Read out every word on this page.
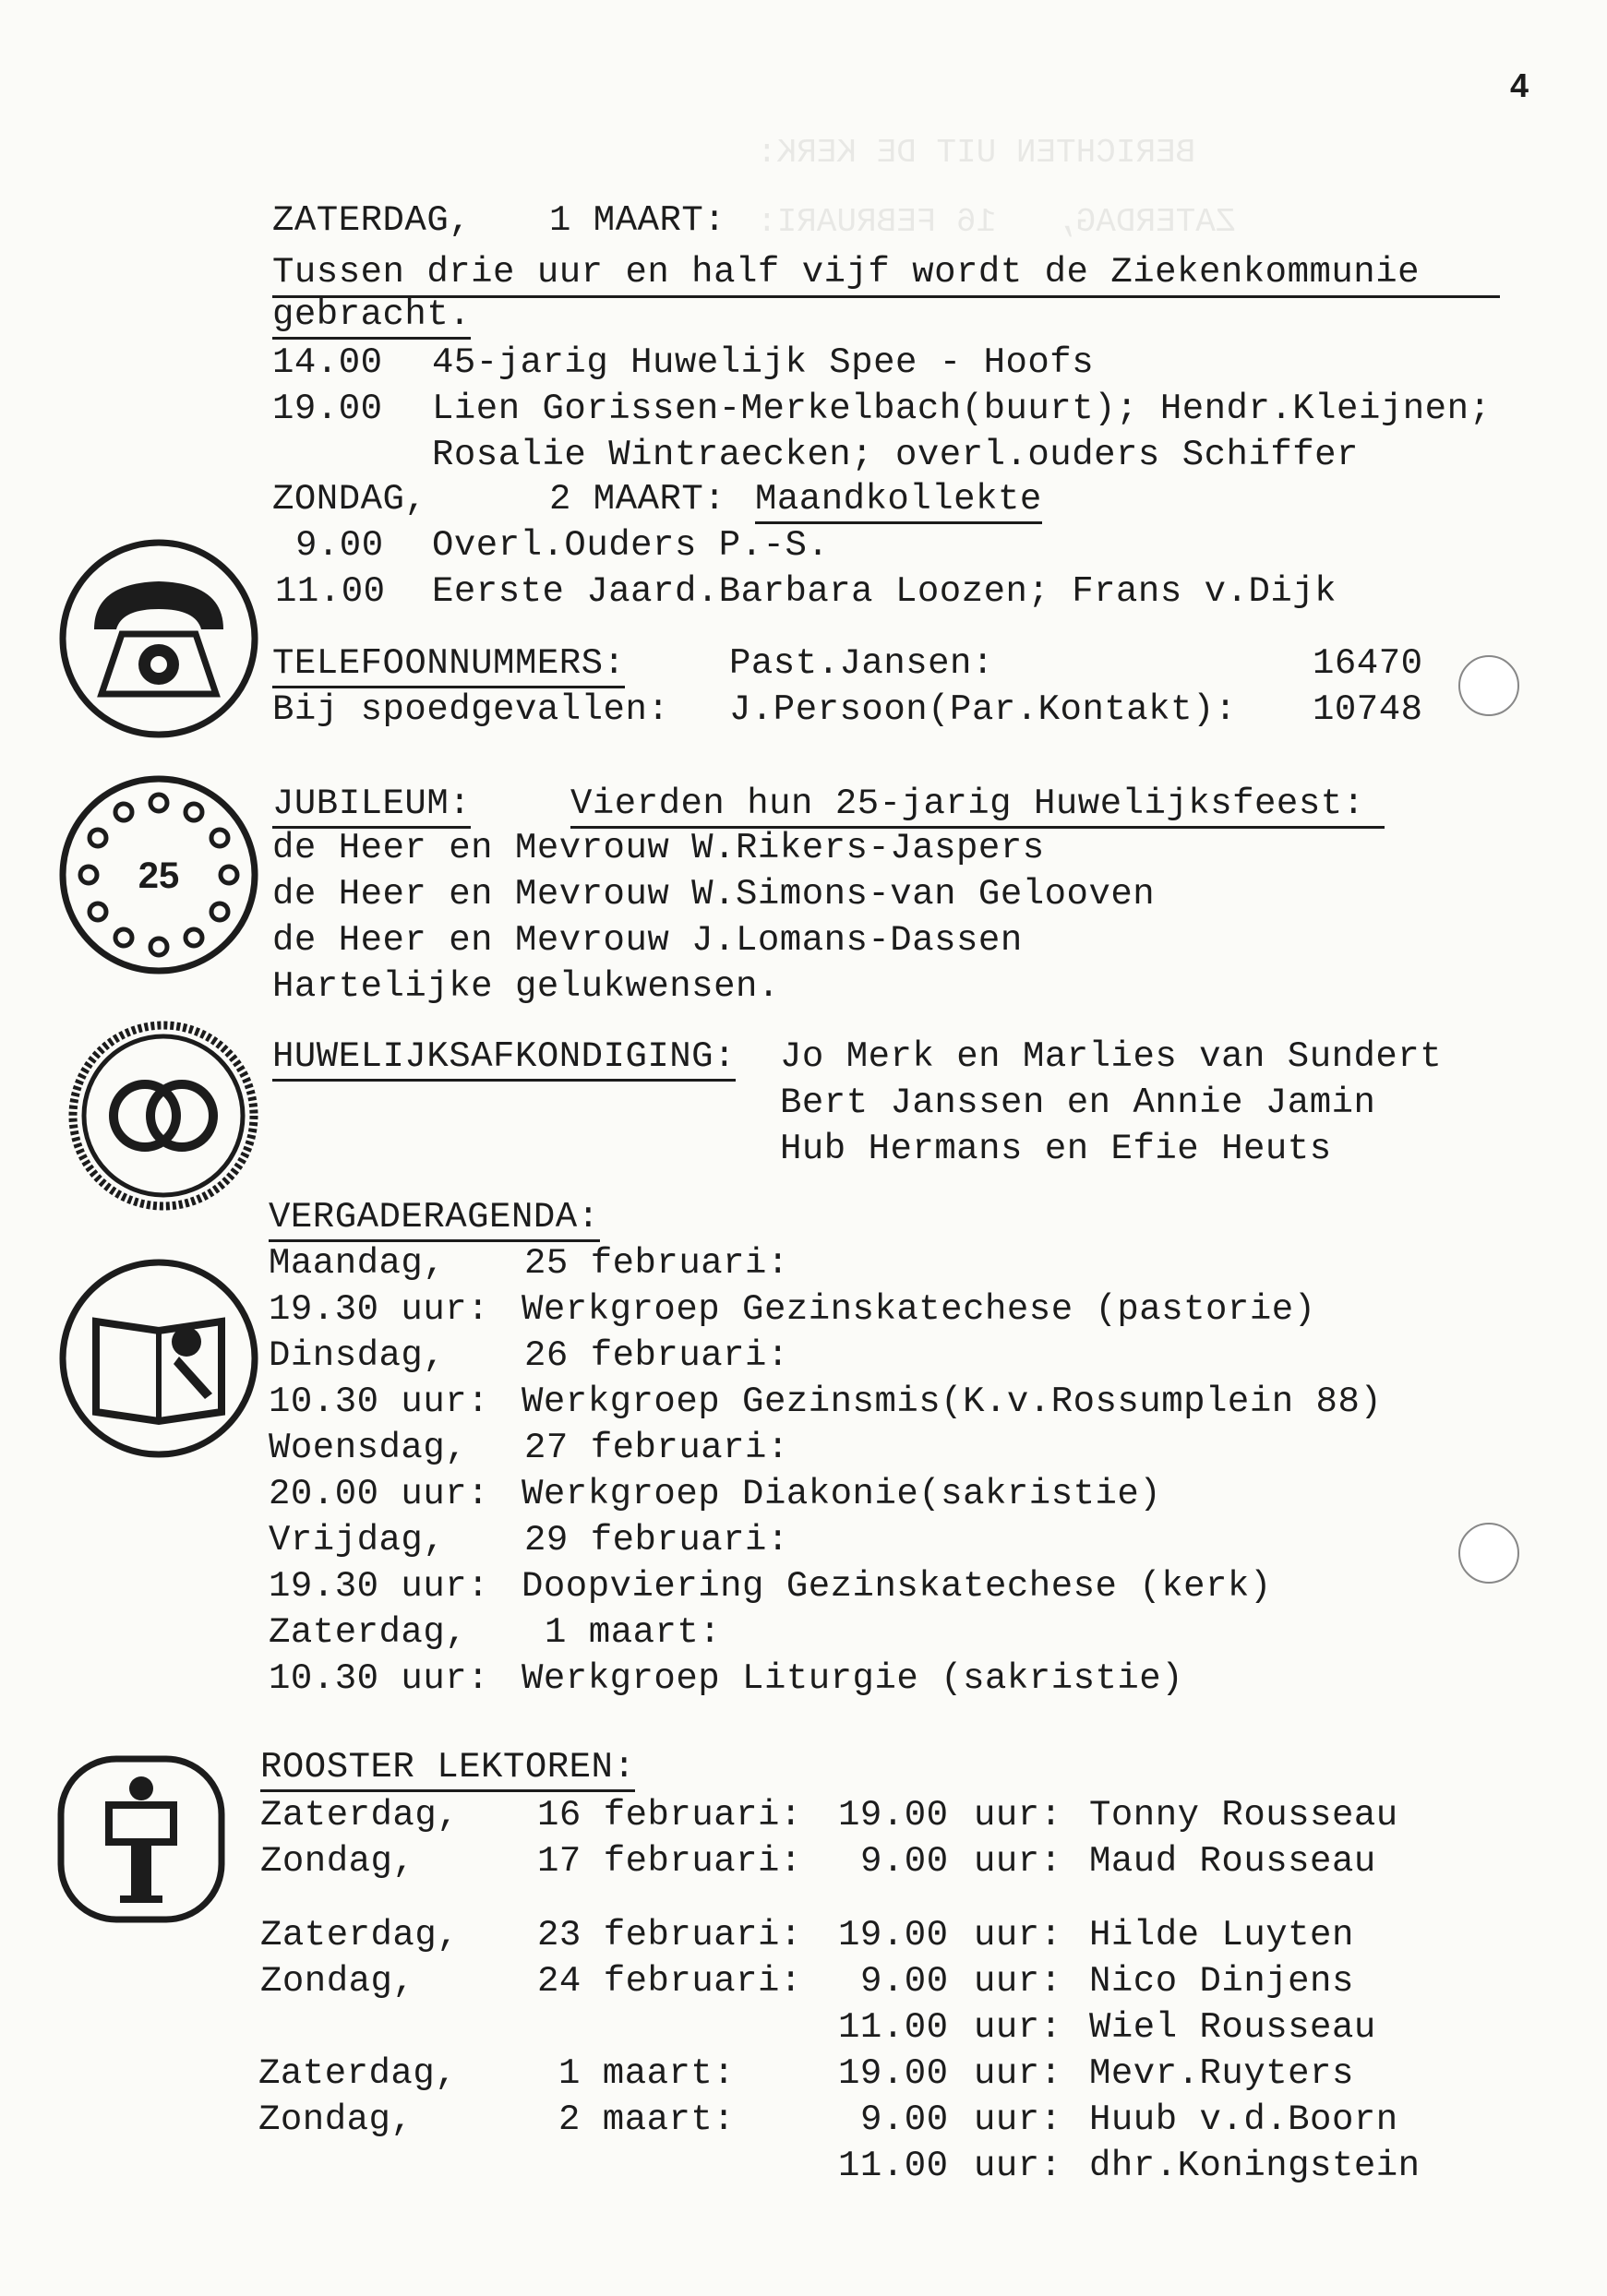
BERICHTEN UIT DE KERK:
ZATERDAG,   16 FEBRUARI:
4
ZATERDAG, 1 MAART:
Tussen drie uur en half vijf wordt de Ziekenkommunie
gebracht.
14.00 45-jarig Huwelijk Spee - Hoofs
19.00 Lien Gorissen-Merkelbach(buurt); Hendr.Kleijnen;
Rosalie Wintraecken; overl.ouders Schiffer
ZONDAG,	2 MAART: Maandkollekte
9.00 Overl.Ouders P.-S.
11.00 Eerste Jaard.Barbara Loozen; Frans v.Dijk
TELEFOONNUMMERS:	Past.Jansen:	16470
Bij spoedgevallen: J.Persoon(Par.Kontakt): 10748
25
JUBILEUM:	Vierden hun 25-jarig Huwelijksfeest:
de Heer en Mevrouw W.Rikers-Jaspers
de Heer en Mevrouw W.Simons-van Gelooven
de Heer en Mevrouw J.Lomans-Dassen
Hartelijke gelukwensen.
HUWELIJKSAFKONDIGING: Jo Merk en Marlies van Sundert
Bert Janssen en Annie Jamin
Hub Hermans en Efie Heuts
VERGADERAGENDA:
Maandag, 25 februari:
19.30 uur: Werkgroep Gezinskatechese (pastorie)
Dinsdag, 26 februari:
10.30 uur: Werkgroep Gezinsmis(K.v.Rossumplein 88)
Woensdag, 27 februari:
20.00 uur: Werkgroep Diakonie(sakristie)
Vrijdag, 29 februari:
19.30 uur: Doopviering Gezinskatechese (kerk)
Zaterdag, 1 maart:
10.30 uur: Werkgroep Liturgie (sakristie)
ROOSTER LEKTOREN:
Zaterdag, 16 februari: 19.00 uur: Tonny Rousseau
Zondag,	17 februari: 9.00 uur: Maud Rousseau
Zaterdag, 23 februari: 19.00 uur: Hilde Luyten
Zondag,	24 februari: 9.00 uur: Nico Dinjens
11.00 uur: Wiel Rousseau
Zaterdag,	1 maart:	19.00 uur: Mevr.Ruyters
Zondag,	2 maart:	9.00 uur: Huub v.d.Boorn
11.00 uur: dhr.Koningstein
